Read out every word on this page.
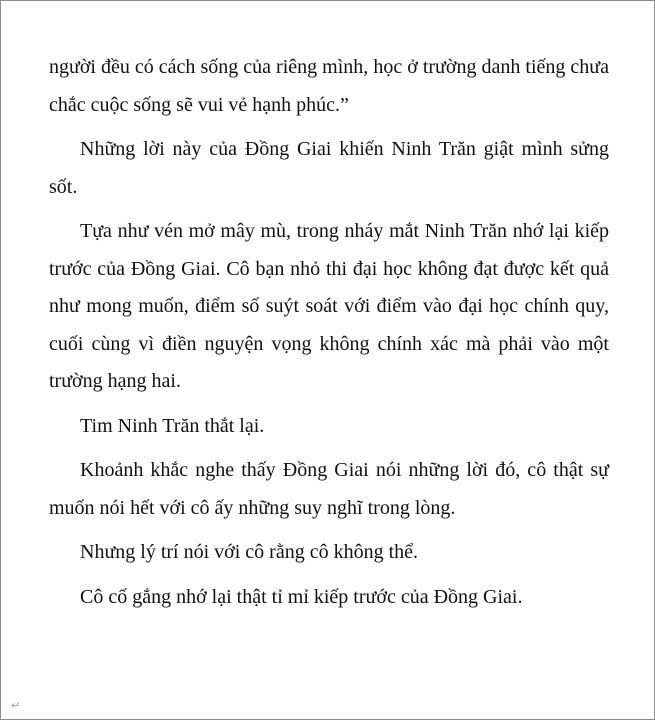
người đều có cách sống của riêng mình, học ở trường danh tiếng chưa chắc cuộc sống sẽ vui vẻ hạnh phúc.”

Những lời này của Đồng Giai khiến Ninh Trăn giật mình sửng sốt.

Tựa như vén mở mây mù, trong nháy mắt Ninh Trăn nhớ lại kiếp trước của Đồng Giai. Cô bạn nhỏ thi đại học không đạt được kết quả như mong muốn, điểm số suýt soát với điểm vào đại học chính quy, cuối cùng vì điền nguyện vọng không chính xác mà phải vào một trường hạng hai.

Tim Ninh Trăn thắt lại.

Khoảnh khắc nghe thấy Đồng Giai nói những lời đó, cô thật sự muốn nói hết với cô ấy những suy nghĩ trong lòng.

Nhưng lý trí nói với cô rằng cô không thể.

Cô cố gắng nhớ lại thật tỉ mỉ kiếp trước của Đồng Giai.

↵
